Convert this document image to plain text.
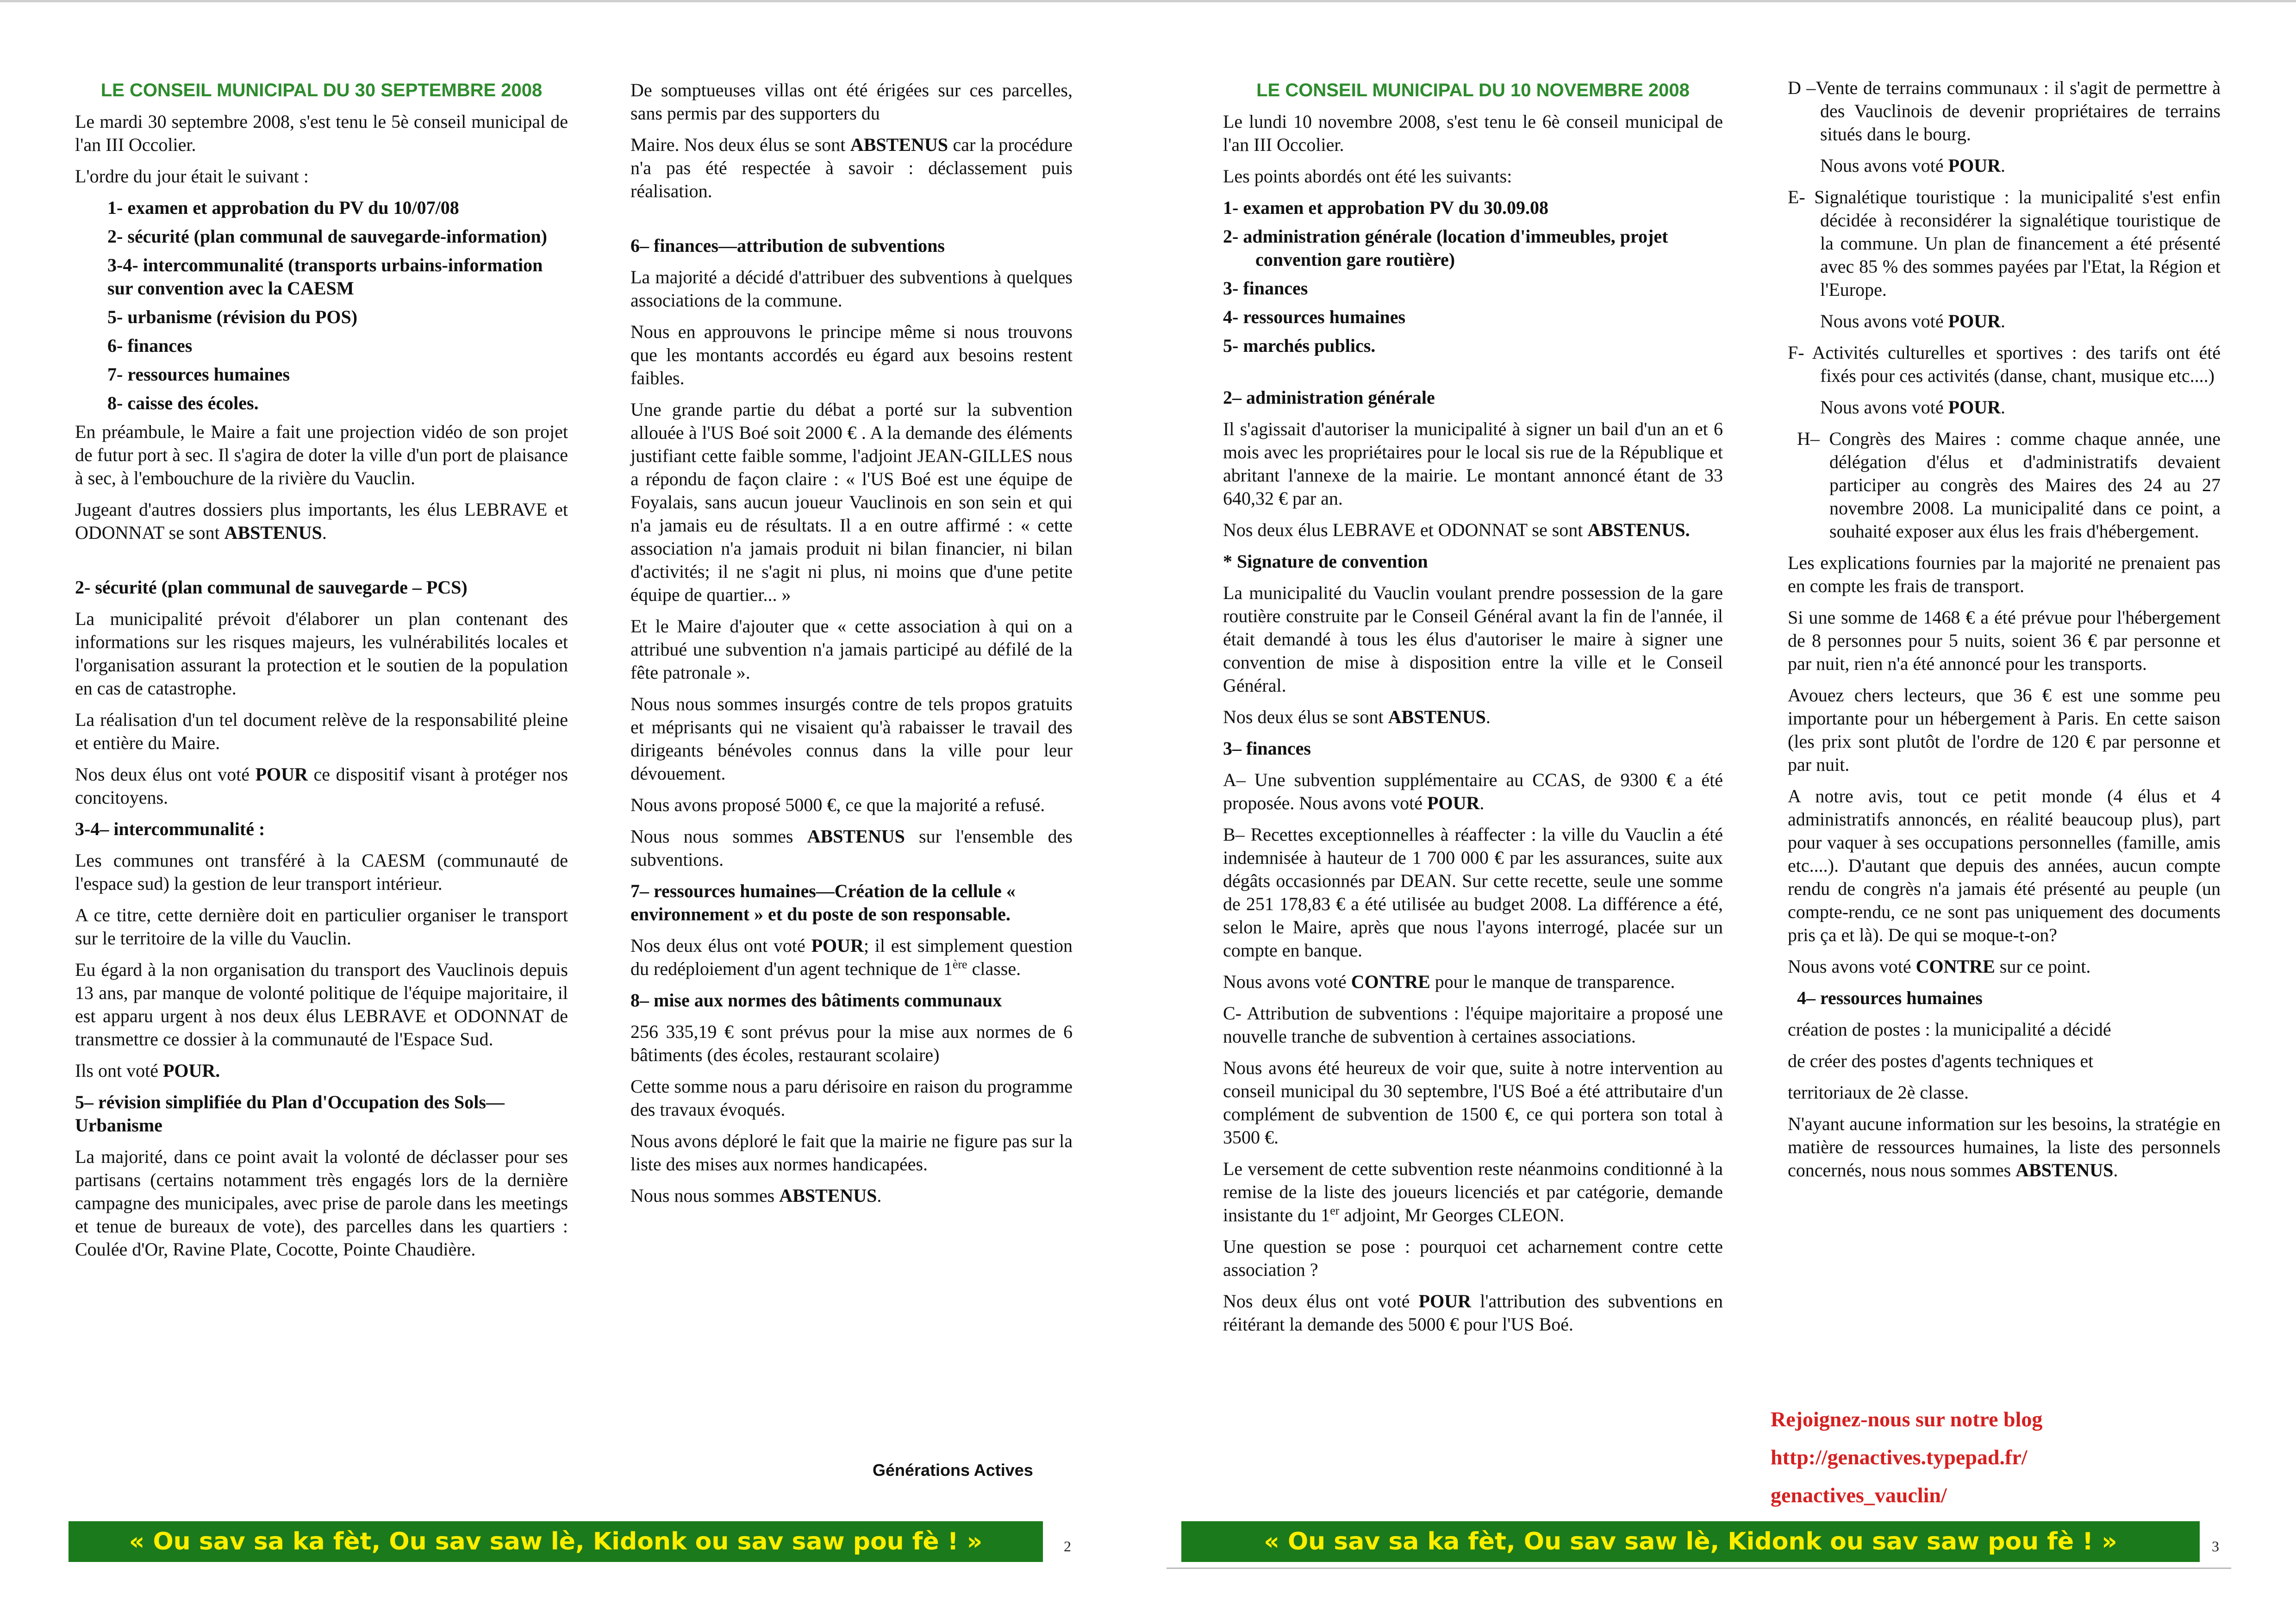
LE CONSEIL MUNICIPAL DU 30 SEPTEMBRE 2008

Le mardi 30 septembre 2008, s'est tenu le 5è conseil municipal de l'an III Occolier.

L'ordre du jour était le suivant :

1- examen et approbation du PV du 10/07/08
2- sécurité (plan communal de sauvegarde-information)
3-4- intercommunalité (transports urbains-information sur convention avec la CAESM
5- urbanisme (révision du POS)
6- finances
7- ressources humaines
8- caisse des écoles.

En préambule, le Maire a fait une projection vidéo de son projet de futur port à sec. Il s'agira de doter la ville d'un port de plaisance à sec, à l'embouchure de la rivière du Vauclin.

Jugeant d'autres dossiers plus importants, les élus LEBRAVE et ODONNAT se sont ABSTENUS.

2- sécurité (plan communal de sauvegarde – PCS)

La municipalité prévoit d'élaborer un plan contenant des informations sur les risques majeurs, les vulnérabilités locales et l'organisation assurant la protection et le soutien de la population en cas de catastrophe.

La réalisation d'un tel document relève de la responsabilité pleine et entière du Maire.

Nos deux élus ont voté POUR ce dispositif visant à protéger nos concitoyens.

3-4– intercommunalité :

Les communes ont transféré à la CAESM (communauté de l'espace sud) la gestion de leur transport intérieur.

A ce titre, cette dernière doit en particulier organiser le transport sur le territoire de la ville du Vauclin.

Eu égard à la non organisation du transport des Vauclinois depuis 13 ans, par manque de volonté politique de l'équipe majoritaire, il est apparu urgent à nos deux élus LEBRAVE et ODONNAT de transmettre ce dossier à la communauté de l'Espace Sud.

Ils ont voté POUR.

5– révision simplifiée du Plan d'Occupation des Sols—Urbanisme

La majorité, dans ce point avait la volonté de déclasser pour ses partisans (certains notamment très engagés lors de la dernière campagne des municipales, avec prise de parole dans les meetings et tenue de bureaux de vote), des parcelles dans les quartiers : Coulée d'Or, Ravine Plate, Cocotte, Pointe Chaudière.

De somptueuses villas ont été érigées sur ces parcelles, sans permis par des supporters du

Maire. Nos deux élus se sont ABSTENUS car la procédure n'a pas été respectée à savoir : déclassement puis réalisation.

6– finances—attribution de subventions

La majorité a décidé d'attribuer des subventions à quelques associations de la commune.

Nous en approuvons le principe même si nous trouvons que les montants accordés eu égard aux besoins restent faibles.

Une grande partie du débat a porté sur la subvention allouée à l'US Boé soit 2000 € . A la demande des éléments justifiant cette faible somme, l'adjoint JEAN-GILLES nous a répondu de façon claire : « l'US Boé est une équipe de Foyalais, sans aucun joueur Vauclinois en son sein et qui n'a jamais eu de résultats. Il a en outre affirmé : « cette association n'a jamais produit ni bilan financier, ni bilan d'activités; il ne s'agit ni plus, ni moins que d'une petite équipe de quartier... »

Et le Maire d'ajouter que « cette association à qui on a attribué une subvention n'a jamais participé au défilé de la fête patronale ».

Nous nous sommes insurgés contre de tels propos gratuits et méprisants qui ne visaient qu'à rabaisser le travail des dirigeants bénévoles connus dans la ville pour leur dévouement.

Nous avons proposé 5000 €, ce que la majorité a refusé.

Nous nous sommes ABSTENUS sur l'ensemble des subventions.

7– ressources humaines—Création de la cellule « environnement » et du poste de son responsable.

Nos deux élus ont voté POUR; il est simplement question du redéploiement d'un agent technique de 1ère classe.

8– mise aux normes des bâtiments communaux

256 335,19 € sont prévus pour la mise aux normes de 6 bâtiments (des écoles, restaurant scolaire)

Cette somme nous a paru dérisoire en raison du programme des travaux évoqués.

Nous avons déploré le fait que la mairie ne figure pas sur la liste des mises aux normes handicapées.

Nous nous sommes ABSTENUS.

Générations Actives
« Ou sav sa ka fèt, Ou sav saw lè, Kidonk ou sav saw pou fè ! »	2

LE CONSEIL MUNICIPAL DU 10 NOVEMBRE 2008

Le lundi 10 novembre 2008, s'est tenu le 6è conseil municipal de l'an III Occolier.

Les points abordés ont été les suivants:

1- examen et approbation PV du 30.09.08
2- administration générale (location d'immeubles, projet convention gare routière)
3- finances
4- ressources humaines
5- marchés publics.

2– administration générale

Il s'agissait d'autoriser la municipalité à signer un bail d'un an et 6 mois avec les propriétaires pour le local sis rue de la République et abritant l'annexe de la mairie. Le montant annoncé étant de 33 640,32 € par an.

Nos deux élus LEBRAVE et ODONNAT se sont ABSTENUS.

* Signature de convention

La municipalité du Vauclin voulant prendre possession de la gare routière construite par le Conseil Général avant la fin de l'année, il était demandé à tous les élus d'autoriser le maire à signer une convention de mise à disposition entre la ville et le Conseil Général.

Nos deux élus se sont ABSTENUS.

3– finances

A– Une subvention supplémentaire au CCAS, de 9300 € a été proposée. Nous avons voté POUR.

B– Recettes exceptionnelles à réaffecter : la ville du Vauclin a été indemnisée à hauteur de 1 700 000 € par les assurances, suite aux dégâts occasionnés par DEAN. Sur cette recette, seule une somme de 251 178,83 € a été utilisée au budget 2008. La différence a été, selon le Maire, après que nous l'ayons interrogé, placée sur un compte en banque.

Nous avons voté CONTRE pour le manque de transparence.

C- Attribution de subventions : l'équipe majoritaire a proposé une nouvelle tranche de subvention à certaines associations.

Nous avons été heureux de voir que, suite à notre intervention au conseil municipal du 30 septembre, l'US Boé a été attributaire d'un complément de subvention de 1500 €, ce qui portera son total à 3500 €.

Le versement de cette subvention reste néanmoins conditionné à la remise de la liste des joueurs licenciés et par catégorie, demande insistante du 1er adjoint, Mr Georges CLEON.

Une question se pose : pourquoi cet acharnement contre cette association ?

Nos deux élus ont voté POUR l'attribution des subventions en réitérant la demande des 5000 € pour l'US Boé.

D –Vente de terrains communaux : il s'agit de permettre à des Vauclinois de devenir propriétaires de terrains situés dans le bourg.

Nous avons voté POUR.

E- Signalétique touristique : la municipalité s'est enfin décidée à reconsidérer la signalétique touristique de la commune. Un plan de financement a été présenté avec 85 % des sommes payées par l'Etat, la Région et l'Europe.

Nous avons voté POUR.

F- Activités culturelles et sportives : des tarifs ont été fixés pour ces activités (danse, chant, musique etc....)

Nous avons voté POUR.

H– Congrès des Maires : comme chaque année, une délégation d'élus et d'administratifs devaient participer au congrès des Maires des 24 au 27 novembre 2008. La municipalité dans ce point, a souhaité exposer aux élus les frais d'hébergement.

Les explications fournies par la majorité ne prenaient pas en compte les frais de transport.

Si une somme de 1468 € a été prévue pour l'hébergement de 8 personnes pour 5 nuits, soient 36 € par personne et par nuit, rien n'a été annoncé pour les transports.

Avouez chers lecteurs, que 36 € est une somme peu importante pour un hébergement à Paris. En cette saison (les prix sont plutôt de l'ordre de 120 € par personne et par nuit.

A notre avis, tout ce petit monde (4 élus et 4 administratifs annoncés, en réalité beaucoup plus), part pour vaquer à ses occupations personnelles (famille, amis etc....). D'autant que depuis des années, aucun compte rendu de congrès n'a jamais été présenté au peuple (un compte-rendu, ce ne sont pas uniquement des documents pris ça et là). De qui se moque-t-on?

Nous avons voté CONTRE sur ce point.

4– ressources humaines

création de postes : la municipalité a décidé

de créer des postes d'agents techniques et

territoriaux de 2è classe.

N'ayant aucune information sur les besoins, la stratégie en matière de ressources humaines, la liste des personnels concernés, nous nous sommes ABSTENUS.

Rejoignez-nous sur notre blog
http://genactives.typepad.fr/
genactives_vauclin/
« Ou sav sa ka fèt, Ou sav saw lè, Kidonk ou sav saw pou fè ! »	3
